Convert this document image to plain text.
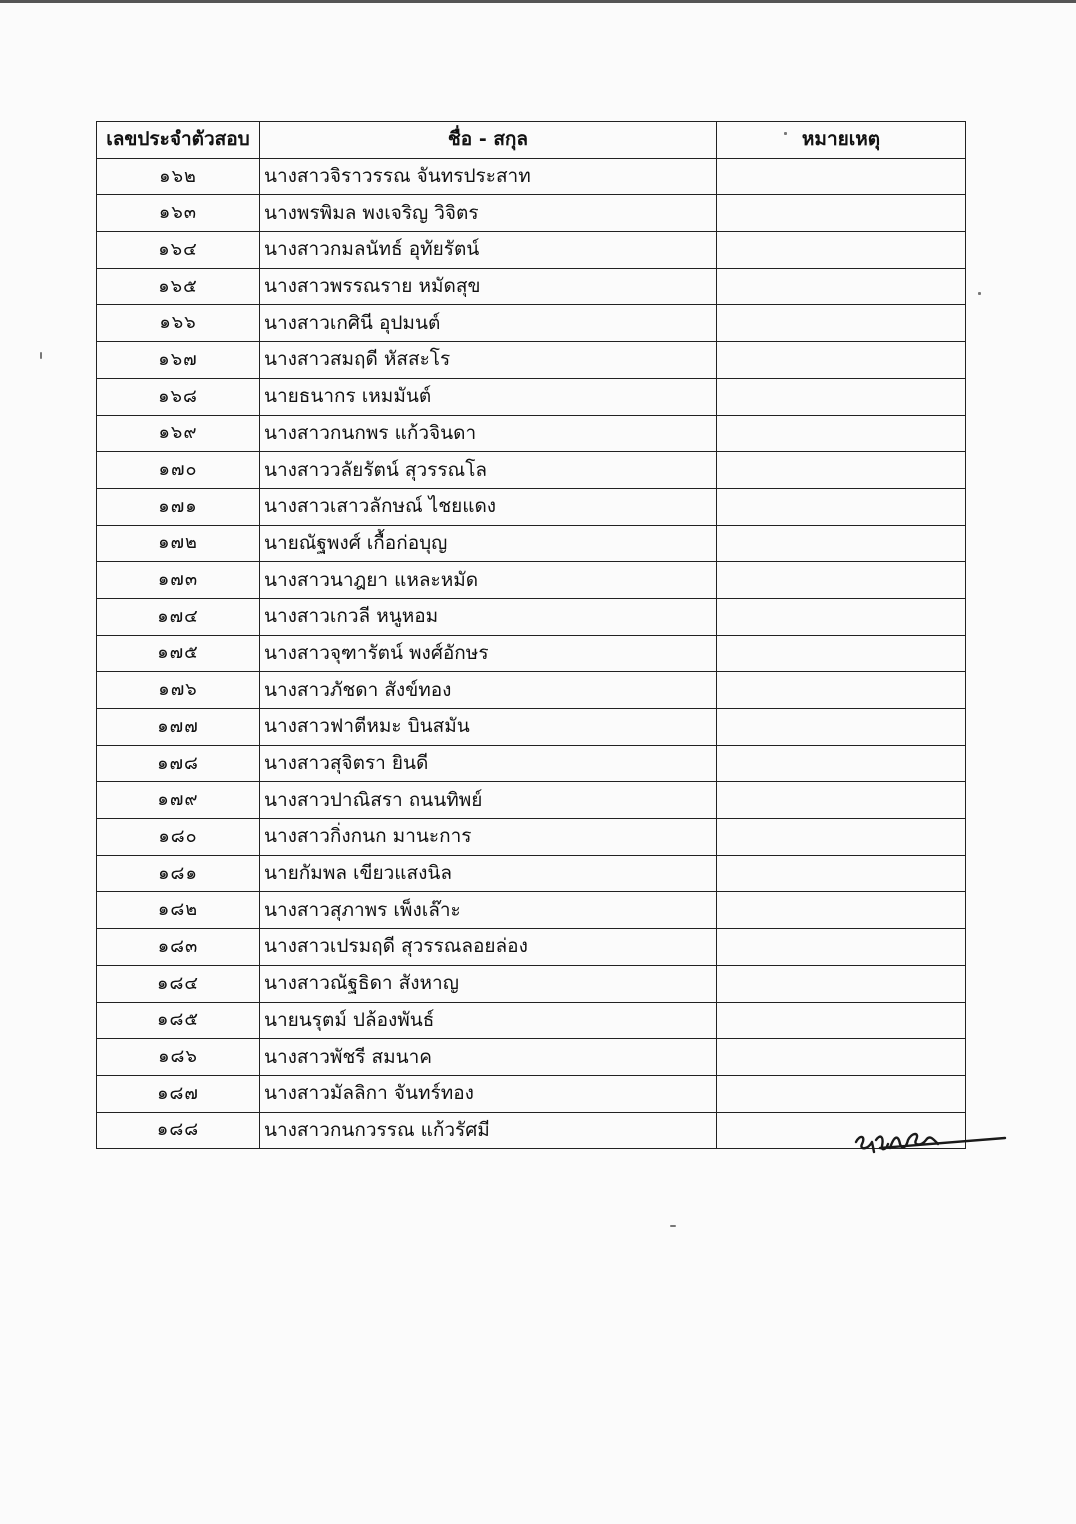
เลขประจำตัวสอบ	ชื่อ - สกุล	หมายเหตุ
๑๖๒	นางสาวจิราวรรณ จันทรประสาท	
๑๖๓	นางพรพิมล พงเจริญ วิจิตร	
๑๖๔	นางสาวกมลนัทธ์ อุทัยรัตน์	
๑๖๕	นางสาวพรรณราย หมัดสุข	
๑๖๖	นางสาวเกศินี อุปมนต์	
๑๖๗	นางสาวสมฤดี หัสสะโร	
๑๖๘	นายธนากร เหมมันต์	
๑๖๙	นางสาวกนกพร แก้วจินดา	
๑๗๐	นางสาววลัยรัตน์ สุวรรณโล	
๑๗๑	นางสาวเสาวลักษณ์ ไชยแดง	
๑๗๒	นายณัฐพงศ์ เกื้อก่อบุญ	
๑๗๓	นางสาวนาฎยา แหละหมัด	
๑๗๔	นางสาวเกวลี หนูหอม	
๑๗๕	นางสาวจุฑารัตน์ พงศ์อักษร	
๑๗๖	นางสาวภัชดา สังข์ทอง	
๑๗๗	นางสาวฟาตีหมะ บินสมัน	
๑๗๘	นางสาวสุจิตรา ยินดี	
๑๗๙	นางสาวปาณิสรา ถนนทิพย์	
๑๘๐	นางสาวกิ่งกนก มานะการ	
๑๘๑	นายกัมพล เขียวแสงนิล	
๑๘๒	นางสาวสุภาพร เพ็งเล๊าะ	
๑๘๓	นางสาวเปรมฤดี สุวรรณลอยล่อง	
๑๘๔	นางสาวณัฐธิดา สังหาญ	
๑๘๕	นายนรุตม์ ปล้องพันธ์	
๑๘๖	นางสาวพัชรี สมนาค	
๑๘๗	นางสาวมัลลิกา จันทร์ทอง	
๑๘๘	นางสาวกนกวรรณ แก้วรัศมี	
